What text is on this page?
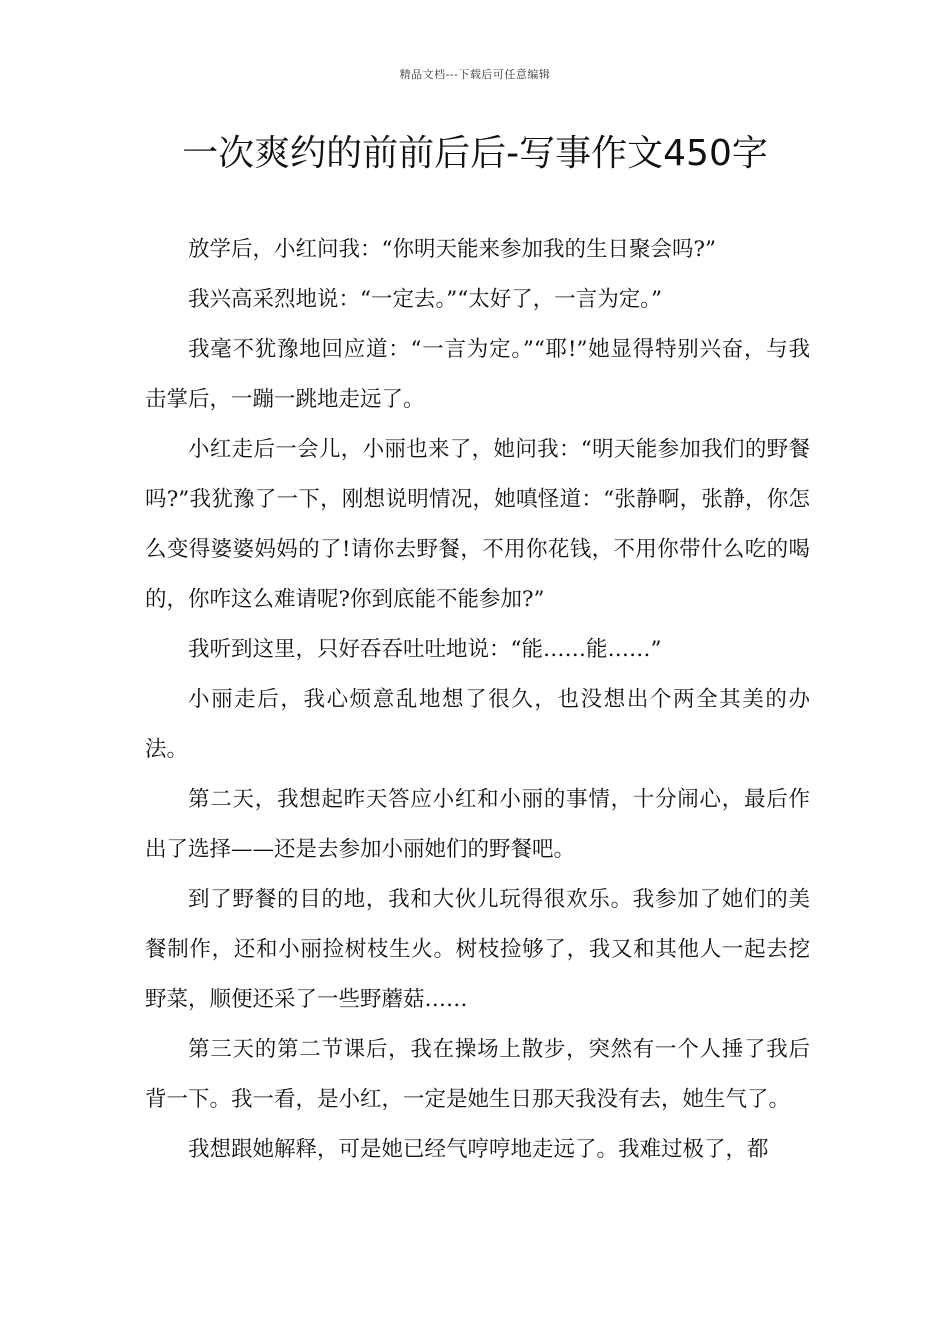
精品文档---下载后可任意编辑
一次爽约的前前后后-写事作文450字

放学后，小红问我：“你明天能来参加我的生日聚会吗?”

我兴高采烈地说：“一定去。”“太好了，一言为定。”

我毫不犹豫地回应道：“一言为定。”“耶!”她显得特别兴奋，与我击掌后，一蹦一跳地走远了。

小红走后一会儿，小丽也来了，她问我：“明天能参加我们的野餐吗?”我犹豫了一下，刚想说明情况，她嗔怪道：“张静啊，张静，你怎么变得婆婆妈妈的了!请你去野餐，不用你花钱，不用你带什么吃的喝的，你咋这么难请呢?你到底能不能参加?”

我听到这里，只好吞吞吐吐地说：“能……能……”

小丽走后，我心烦意乱地想了很久，也没想出个两全其美的办法。

第二天，我想起昨天答应小红和小丽的事情，十分闹心，最后作出了选择——还是去参加小丽她们的野餐吧。

到了野餐的目的地，我和大伙儿玩得很欢乐。我参加了她们的美餐制作，还和小丽捡树枝生火。树枝捡够了，我又和其他人一起去挖野菜，顺便还采了一些野蘑菇……

第三天的第二节课后，我在操场上散步，突然有一个人捶了我后背一下。我一看，是小红，一定是她生日那天我没有去，她生气了。

我想跟她解释，可是她已经气哼哼地走远了。我难过极了，都
